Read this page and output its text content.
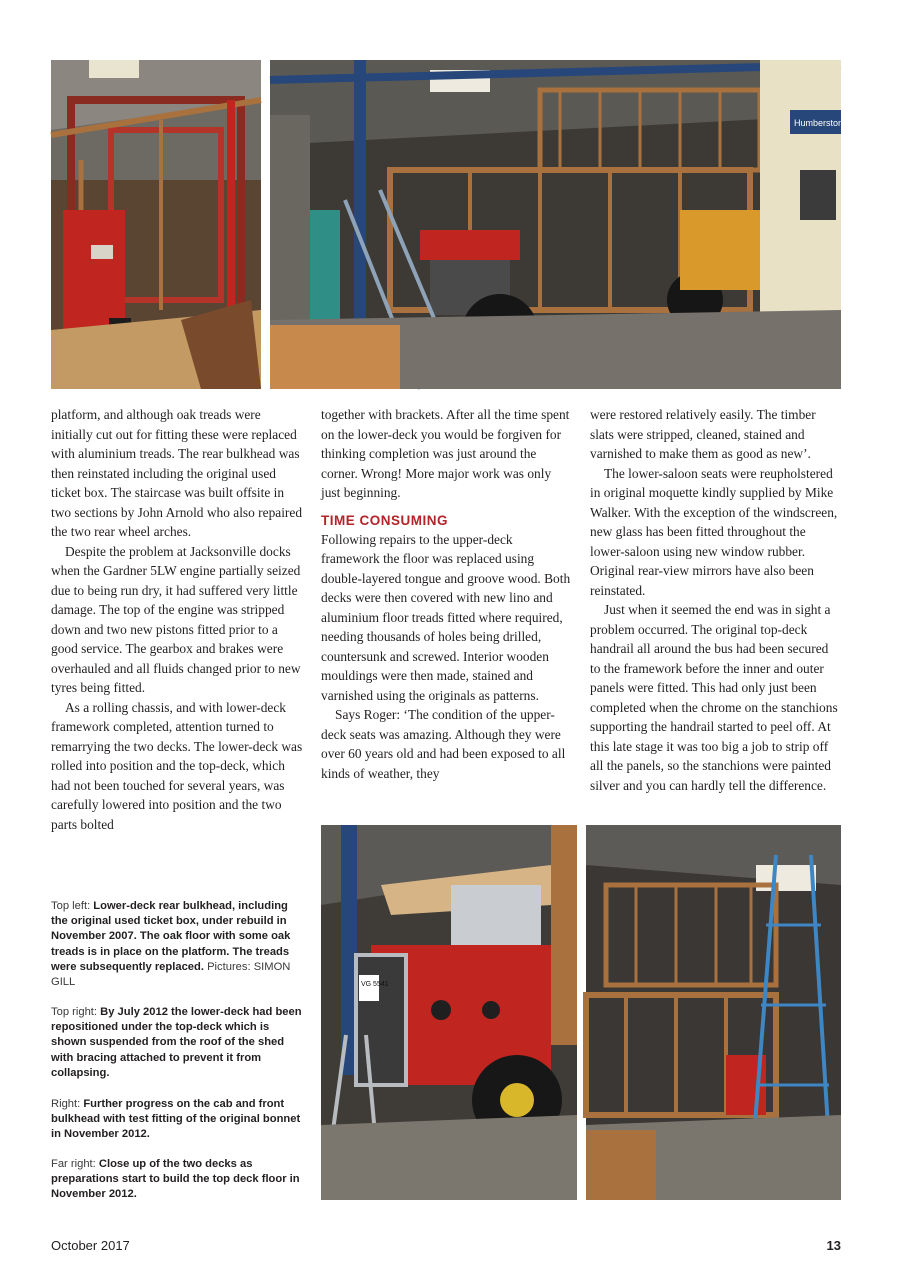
Humberstone

platform, and although oak treads were initially cut out for fitting these were replaced with aluminium treads. The rear bulkhead was then reinstated including the original used ticket box. The staircase was built offsite in two sections by John Arnold who also repaired the two rear wheel arches.

Despite the problem at Jacksonville docks when the Gardner 5LW engine partially seized due to being run dry, it had suffered very little damage. The top of the engine was stripped down and two new pistons fitted prior to a good service. The gearbox and brakes were overhauled and all fluids changed prior to new tyres being fitted.

As a rolling chassis, and with lower-deck framework completed, attention turned to remarrying the two decks. The lower-deck was rolled into position and the top-deck, which had not been touched for several years, was carefully lowered into position and the two parts bolted

together with brackets. After all the time spent on the lower-deck you would be forgiven for thinking completion was just around the corner. Wrong! More major work was only just beginning.

TIME CONSUMING

Following repairs to the upper-deck framework the floor was replaced using double-layered tongue and groove wood. Both decks were then covered with new lino and aluminium floor treads fitted where required, needing thousands of holes being drilled, countersunk and screwed. Interior wooden mouldings were then made, stained and varnished using the originals as patterns.

Says Roger: ‘The condition of the upper-deck seats was amazing. Although they were over 60 years old and had been exposed to all kinds of weather, they

were restored relatively easily. The timber slats were stripped, cleaned, stained and varnished to make them as good as new’.

The lower-saloon seats were reupholstered in original moquette kindly supplied by Mike Walker. With the exception of the windscreen, new glass has been fitted throughout the lower-saloon using new window rubber. Original rear-view mirrors have also been reinstated.

Just when it seemed the end was in sight a problem occurred. The original top-deck handrail all around the bus had been secured to the framework before the inner and outer panels were fitted. This had only just been completed when the chrome on the stanchions supporting the handrail started to peel off. At this late stage it was too big a job to strip off all the panels, so the stanchions were painted silver and you can hardly tell the difference.

Top left: Lower-deck rear bulkhead, including the original used ticket box, under rebuild in November 2007. The oak floor with some oak treads is in place on the platform. The treads were subsequently replaced. Pictures: SIMON GILL
Top right: By July 2012 the lower-deck had been repositioned under the top-deck which is shown suspended from the roof of the shed with bracing attached to prevent it from collapsing.
Right: Further progress on the cab and front bulkhead with test fitting of the original bonnet in November 2012.
Far right: Close up of the two decks as preparations start to build the top deck floor in November 2012.
VG 5541
October 2017	13
